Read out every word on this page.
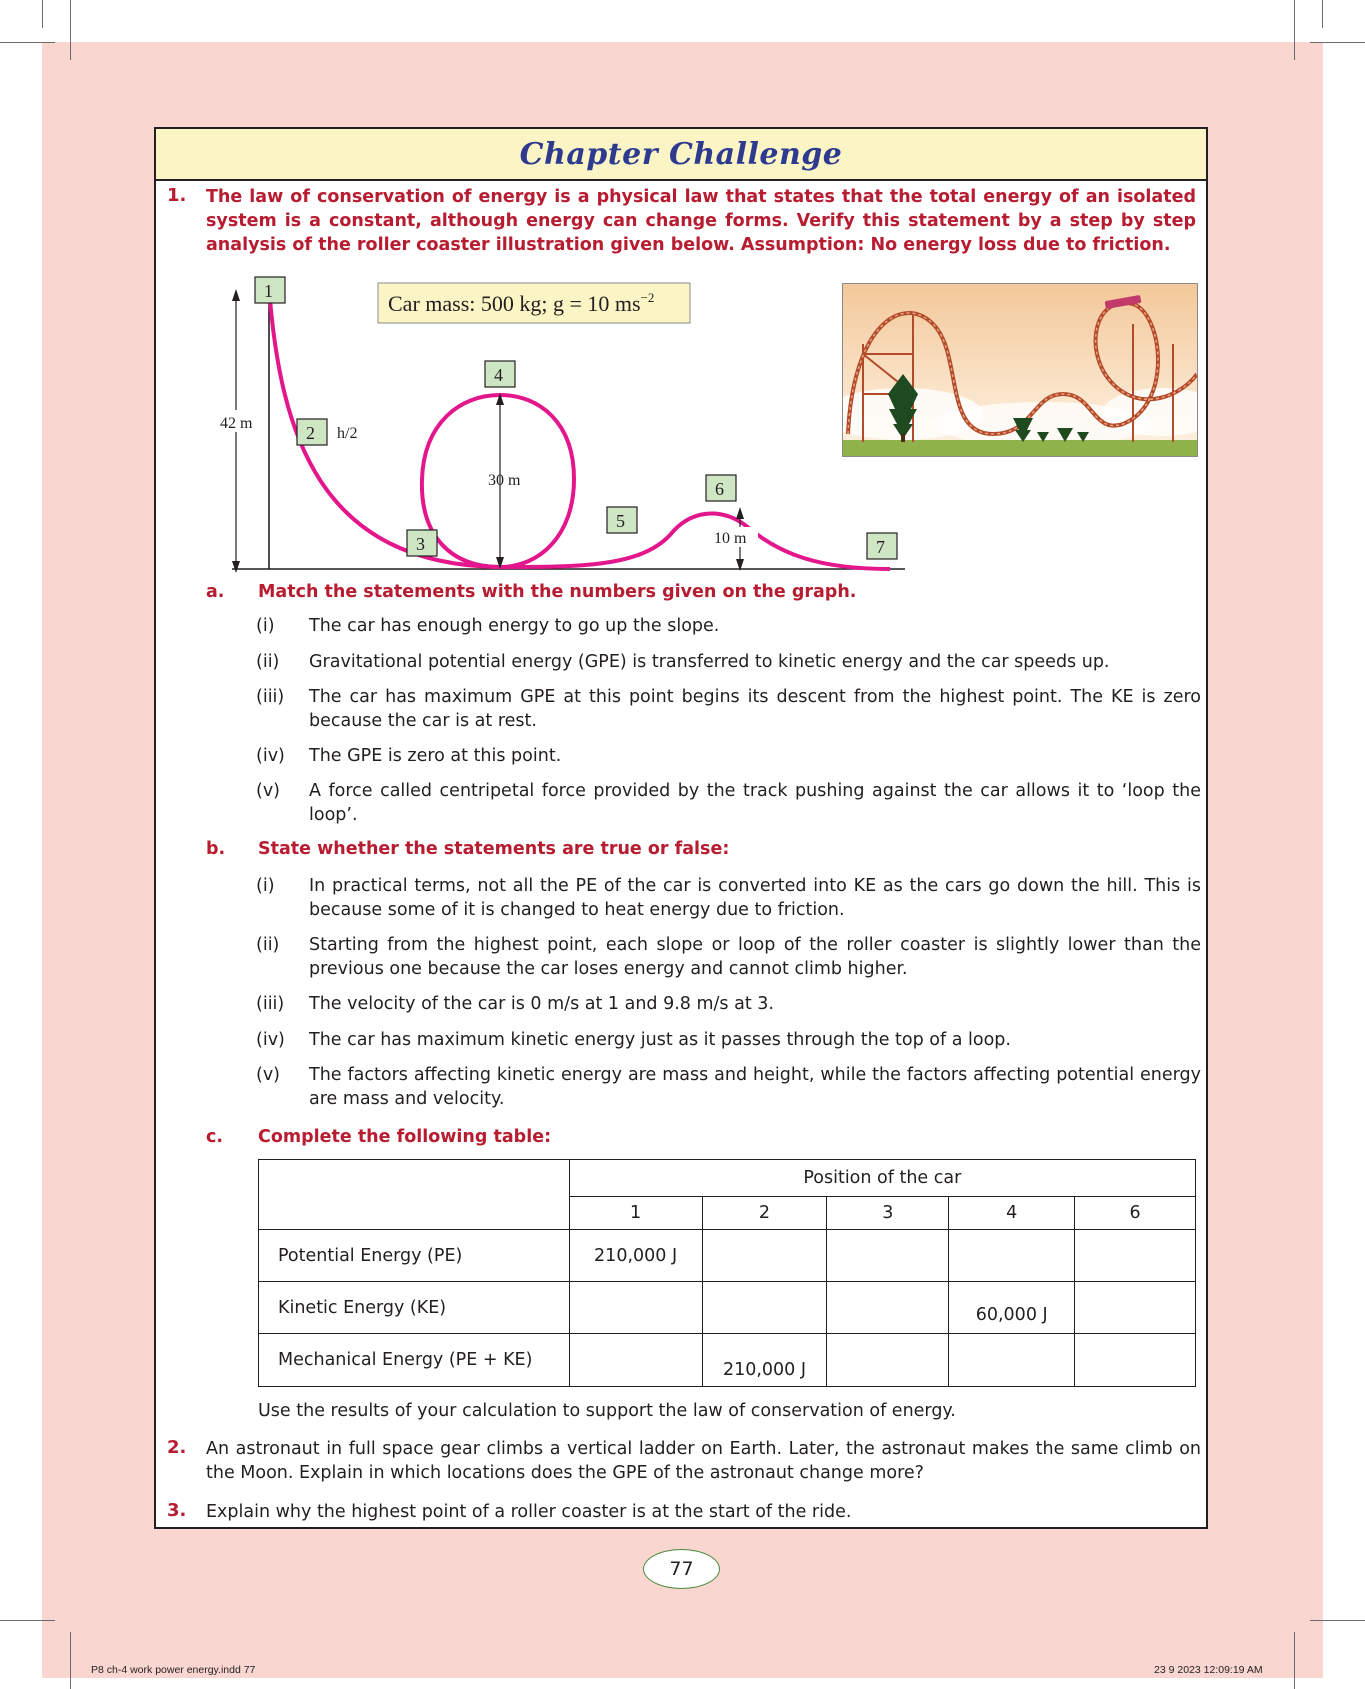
Chapter Challenge
1. The law of conservation of energy is a physical law that states that the total energy of an isolated system is a constant, although energy can change forms. Verify this statement by a step by step analysis of the roller coaster illustration given below. Assumption: No energy loss due to friction.
42 m
30 m
10 m
1
2 h/2
3
4
5
6
7
Car mass: 500 kg; g = 10 $ms^{-2}$
a. Match the statements with the numbers given on the graph.
(i) The car has enough energy to go up the slope.
(ii) Gravitational potential energy (GPE) is transferred to kinetic energy and the car speeds up.
(iii) The car has maximum GPE at this point begins its descent from the highest point. The KE is zero because the car is at rest.
(iv) The GPE is zero at this point.
(v) A force called centripetal force provided by the track pushing against the car allows it to ‘loop the loop’.
b. State whether the statements are true or false:
(i) In practical terms, not all the PE of the car is converted into KE as the cars go down the hill. This is because some of it is changed to heat energy due to friction.
(ii) Starting from the highest point, each slope or loop of the roller coaster is slightly lower than the previous one because the car loses energy and cannot climb higher.
(iii) The velocity of the car is 0 m/s at 1 and 9.8 m/s at 3.
(iv) The car has maximum kinetic energy just as it passes through the top of a loop.
(v) The factors affecting kinetic energy are mass and height, while the factors affecting potential energy are mass and velocity.
c. Complete the following table:
	Position of the car				
	1	2	3	4	6
Potential Energy (PE)	210,000 J				
Kinetic Energy (KE)				60,000 J	
Mechanical Energy (PE + KE)		210,000 J			
Use the results of your calculation to support the law of conservation of energy.
2. An astronaut in full space gear climbs a vertical ladder on Earth. Later, the astronaut makes the same climb on the Moon. Explain in which locations does the GPE of the astronaut change more?
3. Explain why the highest point of a roller coaster is at the start of the ride.
77
P8 ch-4 work power energy.indd 77	23 9 2023 12:09:19 AM
